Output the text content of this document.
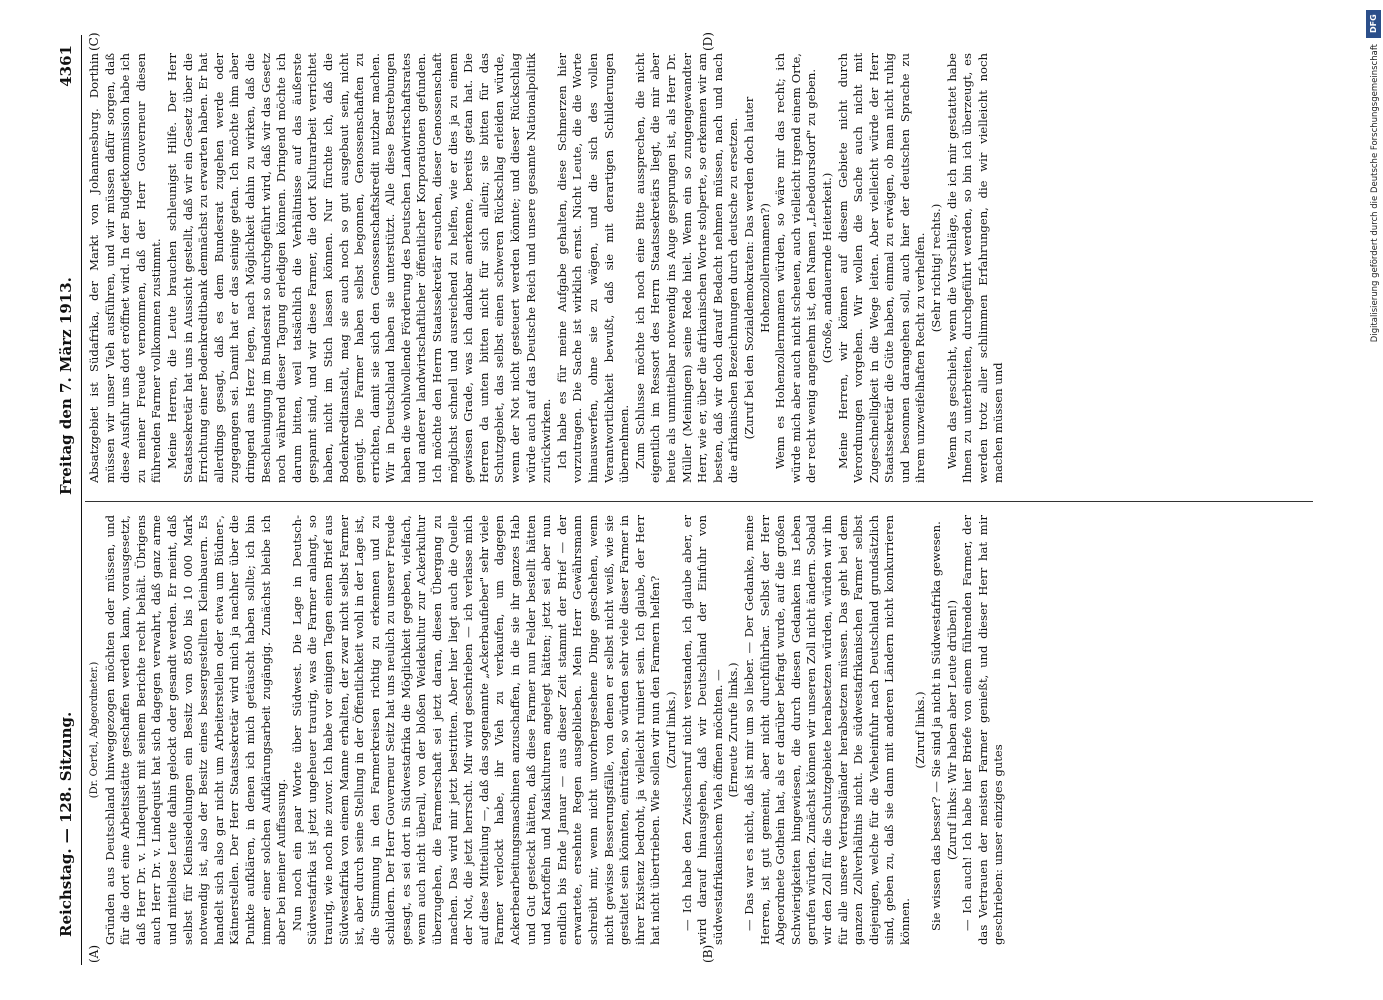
Reichstag. — 128. Sitzung.
Freitag den 7. März 1913.
4361
(A)	(B)
(C)	(D)

(Dr. Oertel, Abgeordneter.) Gründen aus Deutschland hinweggezogen möchten oder müssen, und für die dort eine Arbeitsstätte geschaffen werden kann, vorausgesetzt, daß Herr Dr. v. Lindequist mit seinem Berichte recht behält. Übrigens auch Herr Dr. v. Lindequist hat sich dagegen verwahrt, daß ganz arme und mittellose Leute dahin gelockt oder gesandt werden. Er meint, daß selbst für Kleinsiedelungen ein Besitz von 8500 bis 10 000 Mark notwendig ist, also der Besitz eines bessergestellten Kleinbauern. Es handelt sich also gar nicht um Arbeiterstellen oder etwa um Büdner-, Kätnerstellen. Der Herr Staatssekretär wird mich ja nachher über die Punkte aufklären, in denen ich mich getäuscht haben sollte; ich bin immer einer solchen Aufklärungsarbeit zugängig. Zunächst bleibe ich aber bei meiner Auffassung. Nun noch ein paar Worte über Südwest. Die Lage in Deutsch-Südwestafrika ist jetzt ungeheuer traurig, was die Farmer anlangt, so traurig, wie noch nie zuvor. Ich habe vor einigen Tagen einen Brief aus Südwestafrika von einem Manne erhalten, der zwar nicht selbst Farmer ist, aber durch seine Stellung in der Öffentlichkeit wohl in der Lage ist, die Stimmung in den Farmerkreisen richtig zu erkennen und zu schildern. Der Herr Gouverneur Seitz hat uns neulich zu unserer Freude gesagt, es sei dort in Südwestafrika die Möglichkeit gegeben, vielfach, wenn auch nicht überall, von der bloßen Weidekultur zur Ackerkultur überzugehen, die Farmerschaft sei jetzt daran, diesen Übergang zu machen. Das wird mir jetzt bestritten. Aber hier liegt auch die Quelle der Not, die jetzt herrscht. Mir wird geschrieben — ich verlasse mich auf diese Mitteilung —, daß das sogenannte „Ackerbaufieber" sehr viele Farmer verlockt habe, ihr Vieh zu verkaufen, um dagegen Ackerbearbeitungsmaschinen anzuschaffen, in die sie ihr ganzes Hab und Gut gesteckt hätten, daß diese Farmer nun Felder bestellt hätten und Kartoffeln und Maiskulturen angelegt hätten; jetzt sei aber nun endlich bis Ende Januar — aus dieser Zeit stammt der Brief — der erwartete, ersehnte Regen ausgeblieben. Mein Herr Gewährsmann schreibt mir, wenn nicht unvorhergesehene Dinge geschehen, wenn nicht gewisse Besserungsfälle, von denen er selbst nicht weiß, wie sie gestaltet sein könnten, einträten, so würden sehr viele dieser Farmer in ihrer Existenz bedroht, ja vielleicht ruiniert sein. Ich glaube, der Herr hat nicht übertrieben. Wie sollen wir nun den Farmern helfen? (Zuruf links.) — Ich habe den Zwischenruf nicht verstanden, ich glaube aber, er wird darauf hinausgehen, daß wir Deutschland der Einfuhr von südwestafrikanischem Vieh öffnen möchten. — (Erneute Zurufe links.) — Das war es nicht, daß ist mir um so lieber. — Der Gedanke, meine Herren, ist gut gemeint, aber nicht durchführbar. Selbst der Herr Abgeordnete Gothein hat, als er darüber befragt wurde, auf die großen Schwierigkeiten hingewiesen, die durch diesen Gedanken ins Leben gerufen würden. Zunächst können wir unseren Zoll nicht ändern. Sobald wir den Zoll für die Schutzgebiete herabsetzen würden, würden wir ihn für alle unsere Vertragsländer herabsetzen müssen. Das geht bei dem ganzen Zollverhältnis nicht. Die südwestafrikanischen Farmer selbst diejenigen, welche für die Vieheinfuhr nach Deutschland grundsätzlich sind, geben zu, daß sie dann mit anderen Ländern nicht konkurrieren können.

(Zuruf links.) Sie wissen das besser? — Sie sind ja nicht in Südwestafrika gewesen. (Zuruf links: Wir haben aber Leute drüben!) — Ich auch! Ich habe hier Briefe von einem führenden Farmer, der das Vertrauen der meisten Farmer genießt, und dieser Herr hat mir geschrieben: unser einziges gutes

Absatzgebiet ist Südafrika, der Markt von Johannesburg. Dorthin müssen wir unser Vieh ausführen, und wir müssen dafür sorgen, daß diese Ausfuhr uns dort eröffnet wird. In der Budgetkommission habe ich zu meiner Freude vernommen, daß der Herr Gouverneur diesen führenden Farmer vollkommen zustimmt. Meine Herren, die Leute brauchen schleunigst Hilfe. Der Herr Staatssekretär hat uns in Aussicht gestellt, daß wir ein Gesetz über die Errichtung einer Bodenkreditbank demnächst zu erwarten haben. Er hat allerdings gesagt, daß es dem Bundesrat zugehen werde oder zugegangen sei. Damit hat er das seinige getan. Ich möchte ihm aber dringend ans Herz legen, nach Möglichkeit dahin zu wirken, daß die Beschleunigung im Bundesrat so durchgeführt wird, daß wir das Gesetz noch während dieser Tagung erledigen können. Dringend möchte ich darum bitten, weil tatsächlich die Verhältnisse auf das äußerste gespannt sind, und wir diese Farmer, die dort Kulturarbeit verrichtet haben, nicht im Stich lassen können. Nur fürchte ich, daß die Bodenkreditanstalt, mag sie auch noch so gut ausgebaut sein, nicht genügt. Die Farmer haben selbst begonnen, Genossenschaften zu errichten, damit sie sich den Genossenschaftskredit nutzbar machen. Wir in Deutschland haben sie unterstützt. Alle diese Bestrebungen haben die wohlwollende Förderung des Deutschen Landwirtschaftsrates und anderer landwirtschaftlicher öffentlicher Korporationen gefunden. Ich möchte den Herrn Staatssekretär ersuchen, dieser Genossenschaft möglichst schnell und ausreichend zu helfen, wie er dies ja zu einem gewissen Grade, was ich dankbar anerkenne, bereits getan hat. Die Herren da unten bitten nicht für sich allein; sie bitten für das Schutzgebiet, das selbst einen schweren Rückschlag erleiden würde, wenn der Not nicht gesteuert werden könnte; und dieser Rückschlag würde auch auf das Deutsche Reich und unsere gesamte Nationalpolitik zurückwirken. Ich habe es für meine Aufgabe gehalten, diese Schmerzen hier vorzutragen. Die Sache ist wirklich ernst. Nicht Leute, die die Worte hinauswerfen, ohne sie zu wägen, und die sich des vollen Verantwortlichkeit bewußt, daß sie mit derartigen Schilderungen übernehmen. Zum Schlusse möchte ich noch eine Bitte aussprechen, die nicht eigentlich im Ressort des Herrn Staatssekretärs liegt, die mir aber heute als unmittelbar notwendig ins Auge gesprungen ist, als Herr Dr. Müller (Meiningen) seine Rede hielt. Wenn ein so zungengewandter Herr, wie er, über die afrikanischen Worte stolperte, so erkennen wir am besten, daß wir doch darauf Bedacht nehmen müssen, nach und nach die afrikanischen Bezeichnungen durch deutsche zu ersetzen. (Zuruf bei den Sozialdemokraten: Das werden doch lauter Hohenzollernnamen?) Wenn es Hohenzollernnamen würden, so wäre mir das recht; ich würde mich aber auch nicht scheuen, auch vielleicht irgend einem Orte, der recht wenig angenehm ist, den Namen „Lebedoursdorf" zu geben. (Große, andauernde Heiterkeit.) Meine Herren, wir können auf diesem Gebiete nicht durch Verordnungen vorgehen. Wir wollen die Sache auch nicht mit Zugeschnelligkeit in die Wege leiten. Aber vielleicht würde der Herr Staatssekretär die Güte haben, einmal zu erwägen, ob man nicht ruhig und besonnen darangehen soll, auch hier der deutschen Sprache zu ihrem unzweifelhaften Recht zu verhelfen. (Sehr richtig! rechts.) Wenn das geschieht, wenn die Vorschläge, die ich mir gestattet habe Ihnen zu unterbreiten, durchgeführt werden, so bin ich überzeugt, es werden trotz aller schlimmen Erfahrungen, die wir vielleicht noch machen müssen und

DFG
Digitalisierung gefördert durch die Deutsche Forschungsgemeinschaft
